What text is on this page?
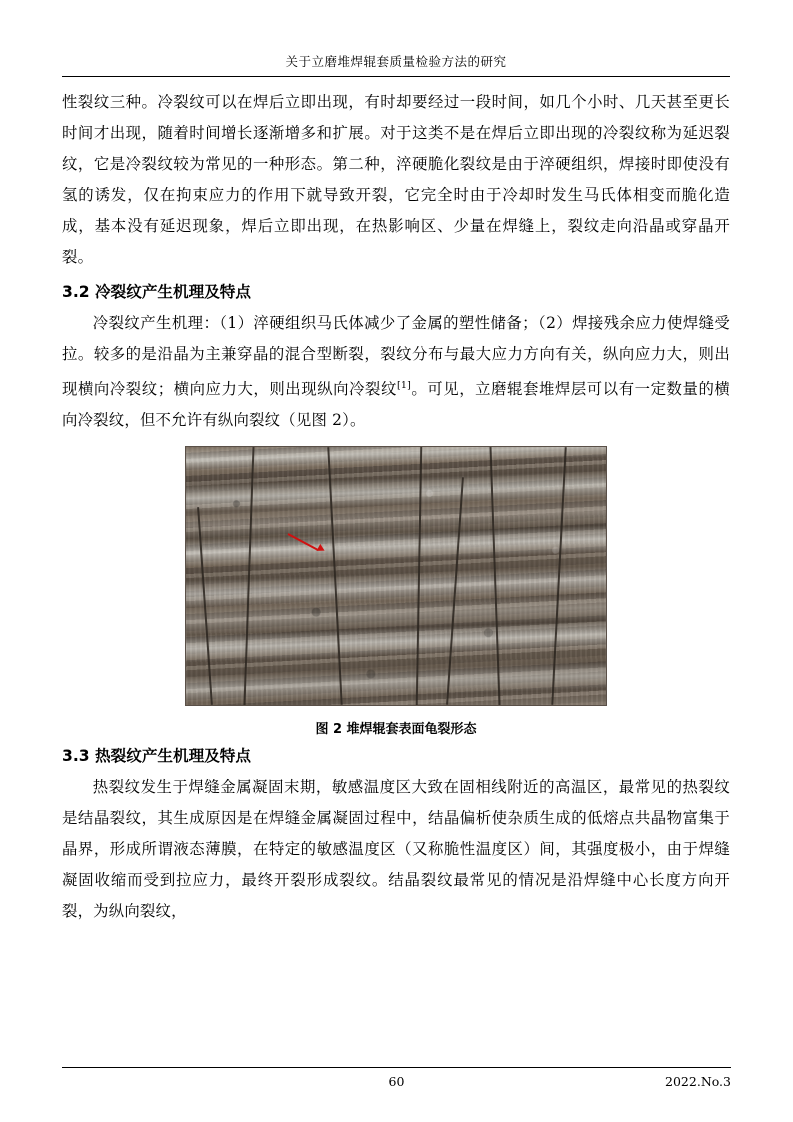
关于立磨堆焊辊套质量检验方法的研究

性裂纹三种。冷裂纹可以在焊后立即出现，有时却要经过一段时间，如几个小时、几天甚至更长时间才出现，随着时间增长逐渐增多和扩展。对于这类不是在焊后立即出现的冷裂纹称为延迟裂纹，它是冷裂纹较为常见的一种形态。第二种，淬硬脆化裂纹是由于淬硬组织，焊接时即使没有氢的诱发，仅在拘束应力的作用下就导致开裂，它完全时由于冷却时发生马氏体相变而脆化造成，基本没有延迟现象，焊后立即出现，在热影响区、少量在焊缝上，裂纹走向沿晶或穿晶开裂。

3.2 冷裂纹产生机理及特点

冷裂纹产生机理：（1）淬硬组织马氏体减少了金属的塑性储备；（2）焊接残余应力使焊缝受拉。较多的是沿晶为主兼穿晶的混合型断裂，裂纹分布与最大应力方向有关，纵向应力大，则出现横向冷裂纹；横向应力大，则出现纵向冷裂纹[1]。可见，立磨辊套堆焊层可以有一定数量的横向冷裂纹，但不允许有纵向裂纹（见图 2）。

图 2 堆焊辊套表面龟裂形态
3.3 热裂纹产生机理及特点

热裂纹发生于焊缝金属凝固末期，敏感温度区大致在固相线附近的高温区，最常见的热裂纹是结晶裂纹，其生成原因是在焊缝金属凝固过程中，结晶偏析使杂质生成的低熔点共晶物富集于晶界，形成所谓液态薄膜，在特定的敏感温度区（又称脆性温度区）间，其强度极小，由于焊缝凝固收缩而受到拉应力，最终开裂形成裂纹。结晶裂纹最常见的情况是沿焊缝中心长度方向开裂，为纵向裂纹，

60	2022.No.3
